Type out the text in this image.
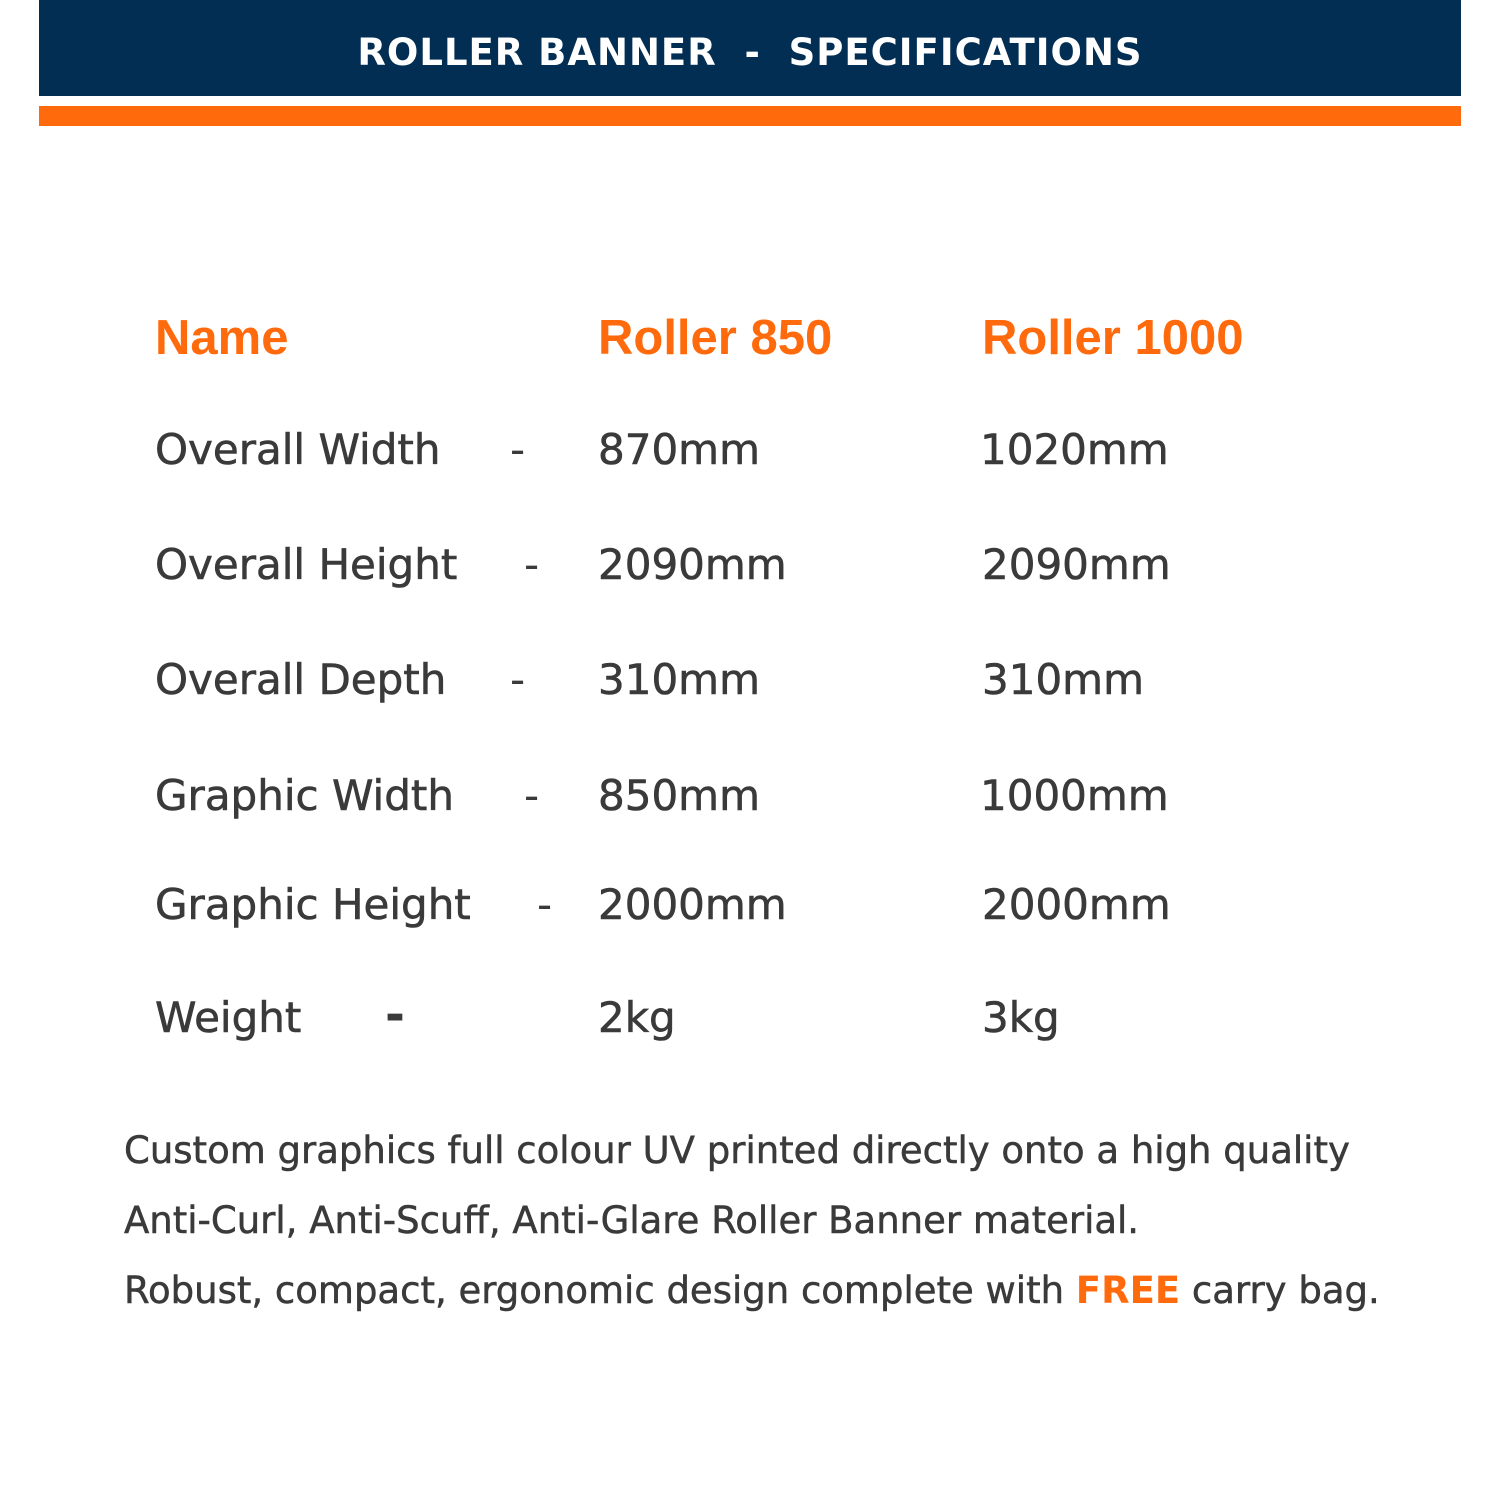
ROLLER BANNER  -  SPECIFICATIONS
Name	Roller 850	Roller 1000
Overall Width - 870mm	1020mm
Overall Height - 2090mm	2090mm
Overall Depth - 310mm	310mm
Graphic Width - 850mm	1000mm
Graphic Height - 2000mm	2000mm
Weight -	2kg	3kg
Custom graphics full colour UV printed directly onto a high quality
Anti-Curl, Anti-Scuff, Anti-Glare Roller Banner material.
Robust, compact, ergonomic design complete with FREE carry bag.
